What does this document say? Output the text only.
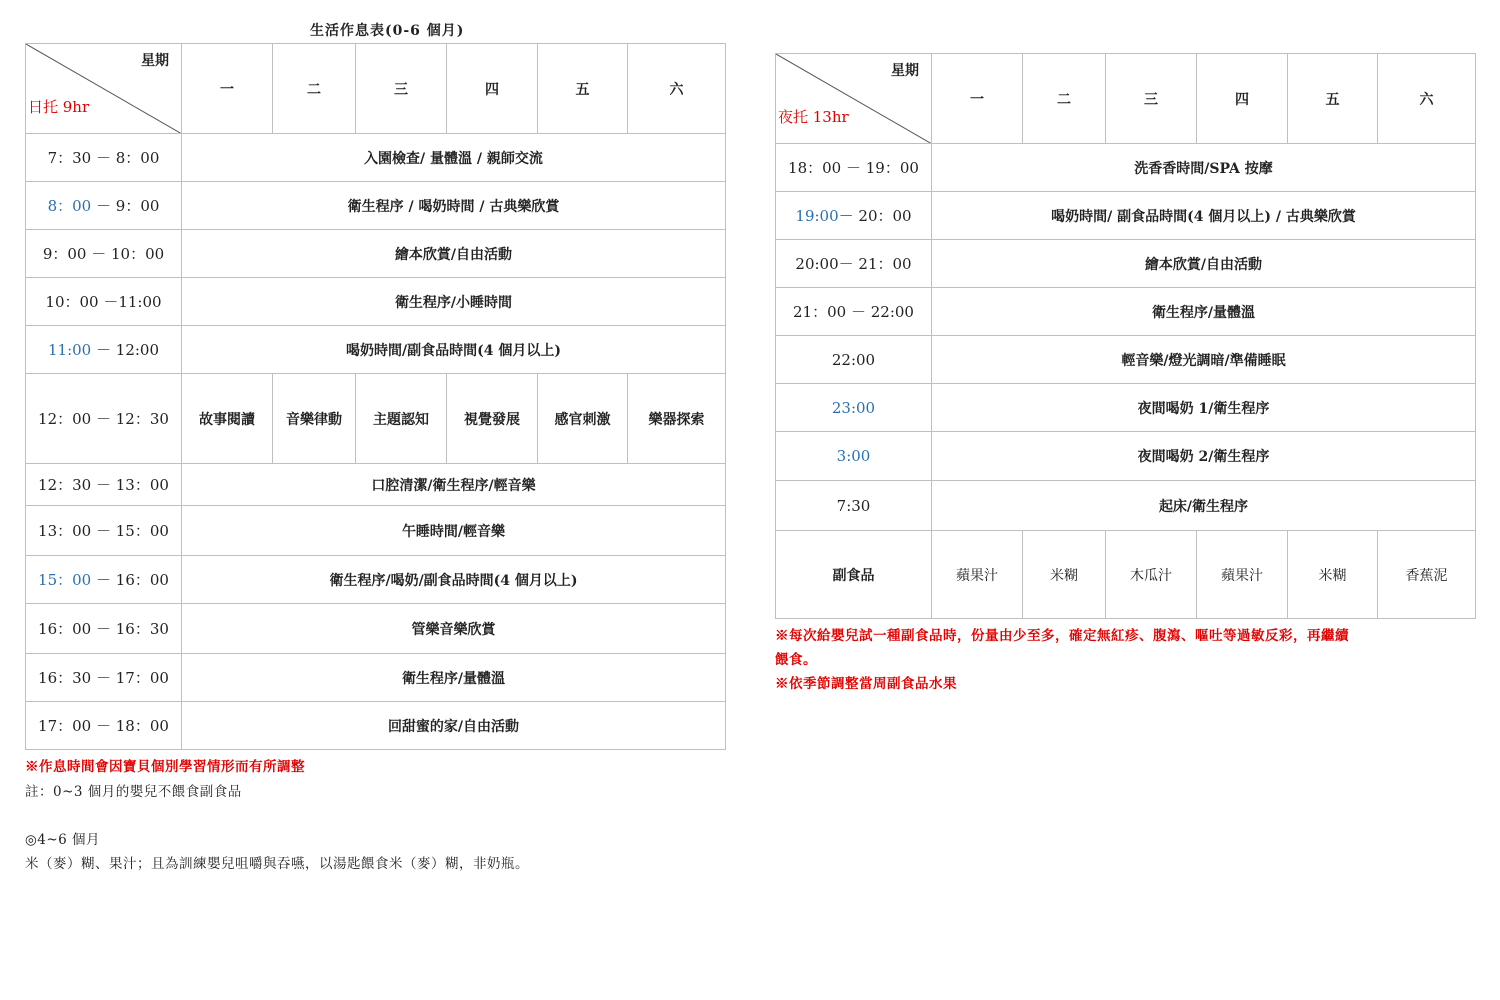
生活作息表(0-6 個月)
星期
日托 9hr	一	二	三	四	五	六
7：30 － 8：00	入園檢查/ 量體溫 / 親師交流					
8：00 － 9：00	衛生程序 / 喝奶時間 / 古典樂欣賞					
9：00 － 10：00	繪本欣賞/自由活動					
10：00 －11:00	衛生程序/小睡時間					
11:00 － 12:00	喝奶時間/副食品時間(4 個月以上)					
12：00 － 12：30	故事閱讀	音樂律動	主題認知	視覺發展	感官刺激	樂器探索
12：30 － 13：00	口腔清潔/衛生程序/輕音樂					
13：00 － 15：00	午睡時間/輕音樂					
15：00 － 16：00	衛生程序/喝奶/副食品時間(4 個月以上)					
16：00 － 16：30	管樂音樂欣賞					
16：30 － 17：00	衛生程序/量體溫					
17：00 － 18：00	回甜蜜的家/自由活動					
※作息時間會因寶貝個別學習情形而有所調整
註：0~3 個月的嬰兒不餵食副食品
◎4~6 個月
米（麥）糊、果汁；且為訓練嬰兒咀嚼與吞嚥，以湯匙餵食米（麥）糊，非奶瓶。
星期
夜托 13hr	一	二	三	四	五	六
18：00 － 19：00	洗香香時間/SPA 按摩					
19:00－ 20：00	喝奶時間/ 副食品時間(4 個月以上) / 古典樂欣賞					
20:00－ 21：00	繪本欣賞/自由活動					
21：00 － 22:00	衛生程序/量體溫					
22:00	輕音樂/燈光調暗/準備睡眠					
23:00	夜間喝奶 1/衛生程序					
3:00	夜間喝奶 2/衛生程序					
7:30	起床/衛生程序					
副食品	蘋果汁	米糊	木瓜汁	蘋果汁	米糊	香蕉泥
※每次給嬰兒試一種副食品時，份量由少至多，確定無紅疹、腹瀉、嘔吐等過敏反彩，再繼續
餵食。
※依季節調整當周副食品水果
